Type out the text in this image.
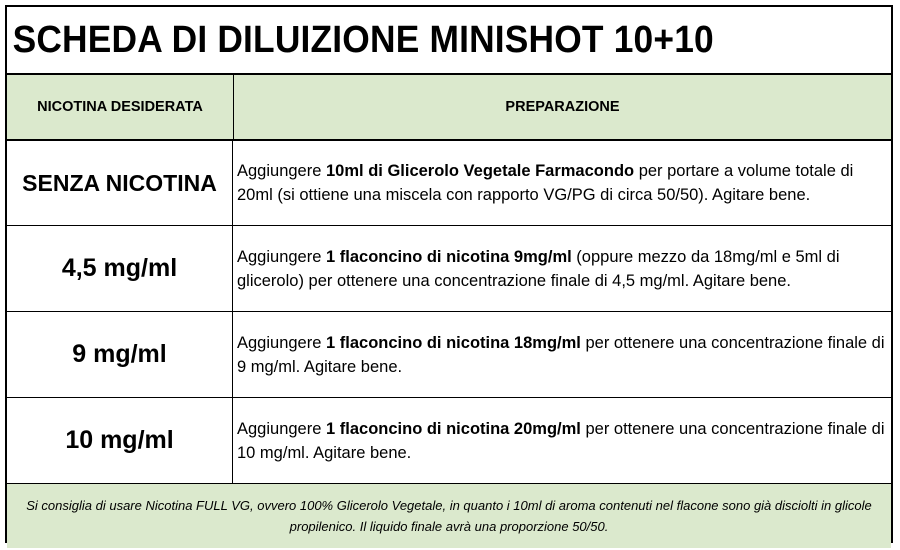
SCHEDA DI DILUIZIONE MINISHOT 10+10
NICOTINA DESIDERATA	PREPARAZIONE
SENZA NICOTINA	Aggiungere 10ml di Glicerolo Vegetale Farmacondo per portare a volume totale di 20ml (si ottiene una miscela con rapporto VG/PG di circa 50/50). Agitare bene.
4,5 mg/ml	Aggiungere 1 flaconcino di nicotina 9mg/ml (oppure mezzo da 18mg/ml e 5ml di glicerolo) per ottenere una concentrazione finale di 4,5 mg/ml. Agitare bene.
9 mg/ml	Aggiungere 1 flaconcino di nicotina 18mg/ml per ottenere una concentrazione finale di 9 mg/ml. Agitare bene.
10 mg/ml	Aggiungere 1 flaconcino di nicotina 20mg/ml per ottenere una concentrazione finale di 10 mg/ml. Agitare bene.
Si consiglia di usare Nicotina FULL VG, ovvero 100% Glicerolo Vegetale, in quanto i 10ml di aroma contenuti nel flacone sono già disciolti in glicole propilenico. Il liquido finale avrà una proporzione 50/50.
